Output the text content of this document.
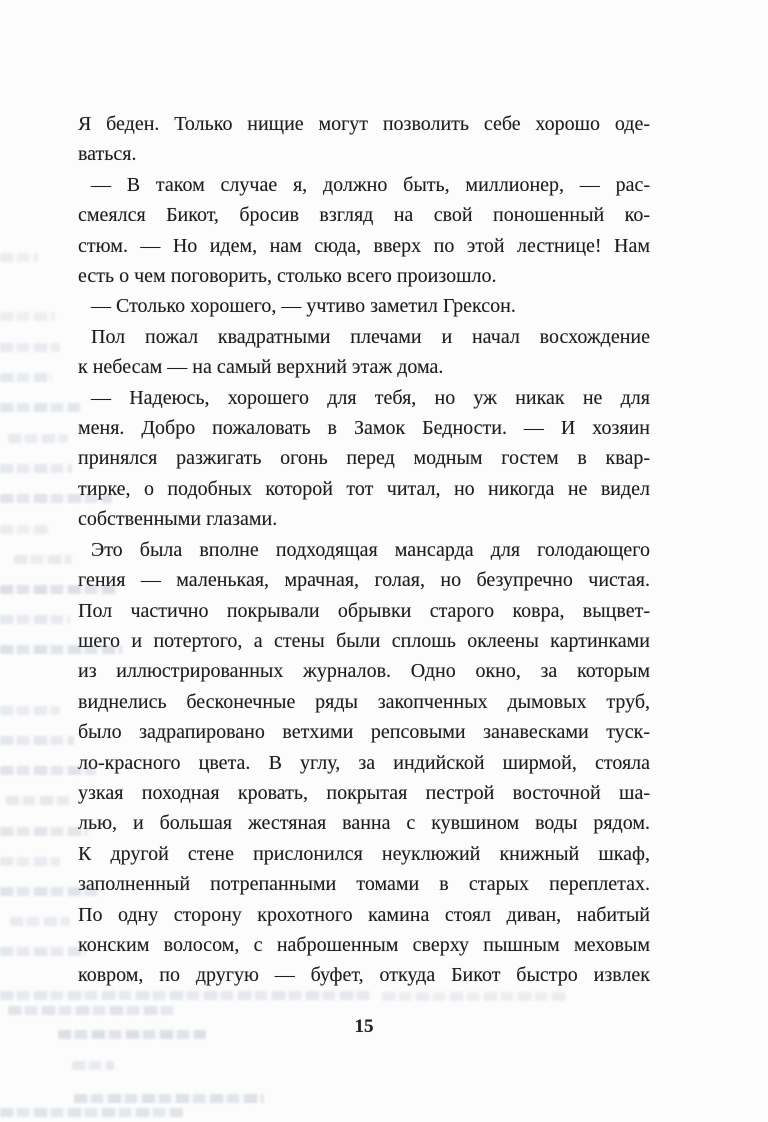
Я беден. Только нищие могут позволить себе хорошо оде-
ваться.
— В таком случае я, должно быть, миллионер, — рас-
смеялся Бикот, бросив взгляд на свой поношенный ко-
стюм. — Но идем, нам сюда, вверх по этой лестнице! Нам
есть о чем поговорить, столько всего произошло.
— Столько хорошего, — учтиво заметил Грексон.
Пол пожал квадратными плечами и начал восхождение
к небесам — на самый верхний этаж дома.
— Надеюсь, хорошего для тебя, но уж никак не для
меня. Добро пожаловать в Замок Бедности. — И хозяин
принялся разжигать огонь перед модным гостем в квар-
тирке, о подобных которой тот читал, но никогда не видел
собственными глазами.
Это была вполне подходящая мансарда для голодающего
гения — маленькая, мрачная, голая, но безупречно чистая.
Пол частично покрывали обрывки старого ковра, выцвет-
шего и потертого, а стены были сплошь оклеены картинками
из иллюстрированных журналов. Одно окно, за которым
виднелись бесконечные ряды закопченных дымовых труб,
было задрапировано ветхими репсовыми занавесками туск-
ло-красного цвета. В углу, за индийской ширмой, стояла
узкая походная кровать, покрытая пестрой восточной ша-
лью, и большая жестяная ванна с кувшином воды рядом.
К другой стене прислонился неуклюжий книжный шкаф,
заполненный потрепанными томами в старых переплетах.
По одну сторону крохотного камина стоял диван, набитый
конским волосом, с наброшенным сверху пышным меховым
ковром, по другую — буфет, откуда Бикот быстро извлек
15
